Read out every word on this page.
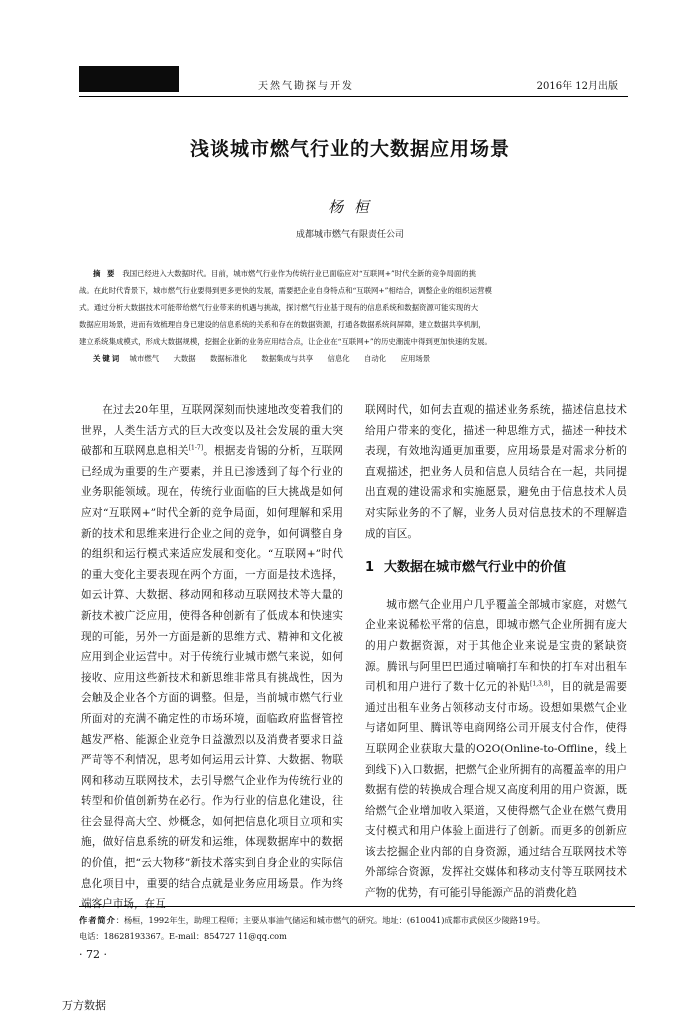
天然气勘探与开发	2016年 12月出版
浅谈城市燃气行业的大数据应用场景
杨 桓
成都城市燃气有限责任公司
摘 要 我国已经进入大数据时代。目前，城市燃气行业作为传统行业已面临应对“互联网+”时代全新的竞争局面的挑
战。在此时代背景下，城市燃气行业要得到更多更快的发展，需要把企业自身特点和“互联网+”相结合，调整企业的组织运营模
式。通过分析大数据技术可能带给燃气行业带来的机遇与挑战，探讨燃气行业基于现有的信息系统和数据资源可能实现的大
数据应用场景，进而有效梳理自身已建设的信息系统的关系和存在的数据资源，打通各数据系统间屏障，建立数据共享机制，
建立系统集成模式，形成大数据规模，挖掘企业新的业务应用结合点，让企业在“互联网+”的历史潮流中得到更加快速的发展。
关键词 城市燃气 大数据 数据标准化 数据集成与共享 信息化 自动化 应用场景

在过去20年里，互联网深刻而快速地改变着我们的世界，人类生活方式的巨大改变以及社会发展的重大突破都和互联网息息相关[1-7]。根据麦肯锡的分析，互联网已经成为重要的生产要素，并且已渗透到了每个行业的业务职能领域。现在，传统行业面临的巨大挑战是如何应对“互联网+”时代全新的竞争局面，如何理解和采用新的技术和思维来进行企业之间的竞争，如何调整自身的组织和运行模式来适应发展和变化。“互联网+”时代的重大变化主要表现在两个方面，一方面是技术选择，如云计算、大数据、移动网和移动互联网技术等大量的新技术被广泛应用，使得各种创新有了低成本和快速实现的可能，另外一方面是新的思维方式、精神和文化被应用到企业运营中。对于传统行业城市燃气来说，如何接收、应用这些新技术和新思维非常具有挑战性，因为会触及企业各个方面的调整。但是，当前城市燃气行业所面对的充满不确定性的市场环境，面临政府监督管控越发严格、能源企业竞争日益激烈以及消费者要求日益严苛等不利情况，思考如何运用云计算、大数据、物联网和移动互联网技术，去引导燃气企业作为传统行业的转型和价值创新势在必行。作为行业的信息化建设，往往会显得高大空、炒概念，如何把信息化项目立项和实施，做好信息系统的研发和运维，体现数据库中的数据的价值，把“云大物移”新技术落实到自身企业的实际信息化项目中，重要的结合点就是业务应用场景。作为终端客户市场，在互

联网时代，如何去直观的描述业务系统，描述信息技术给用户带来的变化，描述一种思维方式，描述一种技术表现，有效地沟通更加重要，应用场景是对需求分析的直观描述，把业务人员和信息人员结合在一起，共同提出直观的建设需求和实施愿景，避免由于信息技术人员对实际业务的不了解，业务人员对信息技术的不理解造成的盲区。

1 大数据在城市燃气行业中的价值

城市燃气企业用户几乎覆盖全部城市家庭，对燃气企业来说稀松平常的信息，即城市燃气企业所拥有庞大的用户数据资源，对于其他企业来说是宝贵的紧缺资源。腾讯与阿里巴巴通过嘀嘀打车和快的打车对出租车司机和用户进行了数十亿元的补贴[1,3,8]，目的就是需要通过出租车业务占领移动支付市场。设想如果燃气企业与诸如阿里、腾讯等电商网络公司开展支付合作，使得互联网企业获取大量的O2O(Online-to-Offline，线上到线下)入口数据，把燃气企业所拥有的高覆盖率的用户数据有偿的转换成合理合规又高度利用的用户资源，既给燃气企业增加收入渠道，又使得燃气企业在燃气费用支付模式和用户体验上面进行了创新。而更多的创新应该去挖掘企业内部的自身资源，通过结合互联网技术等外部综合资源，发挥社交媒体和移动支付等互联网技术产物的优势，有可能引导能源产品的消费化趋

作者简介：杨桓，1992年生，助理工程师；主要从事油气储运和城市燃气的研究。地址：(610041)成都市武侯区少陵路19号。
电话：18628193367。E-mail：854727 11@qq.com
· 72 ·
万方数据
